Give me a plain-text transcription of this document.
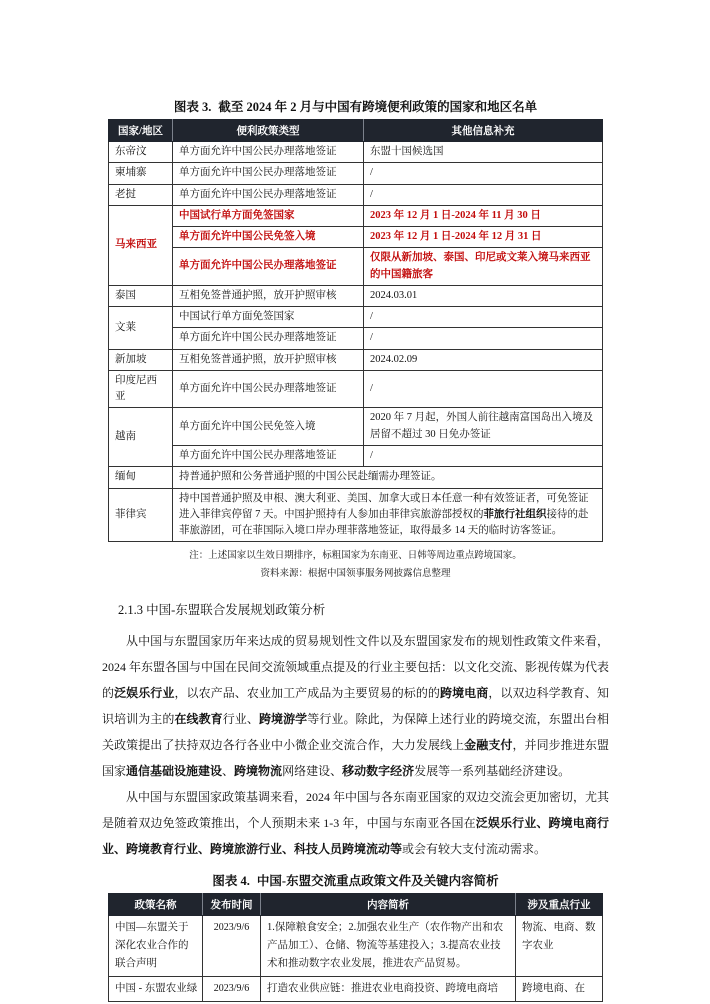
图表 3. 截至 2024 年 2 月与中国有跨境便利政策的国家和地区名单
国家/地区	便利政策类型	其他信息补充
东帝汶	单方面允许中国公民办理落地签证	东盟十国候选国
柬埔寨	单方面允许中国公民办理落地签证	/
老挝	单方面允许中国公民办理落地签证	/
马来西亚	中国试行单方面免签国家	2023 年 12 月 1 日-2024 年 11 月 30 日
	单方面允许中国公民免签入境	2023 年 12 月 1 日-2024 年 12 月 31 日
	单方面允许中国公民办理落地签证	仅限从新加坡、泰国、印尼或文莱入境马来西亚的中国籍旅客
泰国	互相免签普通护照，放开护照审核	2024.03.01
文莱	中国试行单方面免签国家	/
	单方面允许中国公民办理落地签证	/
新加坡	互相免签普通护照，放开护照审核	2024.02.09
印度尼西亚	单方面允许中国公民办理落地签证	/
越南	单方面允许中国公民免签入境	2020 年 7 月起，外国人前往越南富国岛出入境及居留不超过 30 日免办签证
	单方面允许中国公民办理落地签证	/
缅甸	持普通护照和公务普通护照的中国公民赴缅需办理签证。	
菲律宾	持中国普通护照及申根、澳大利亚、美国、加拿大或日本任意一种有效签证者，可免签证进入菲律宾停留 7 天。中国护照持有人参加由菲律宾旅游部授权的菲旅行社组织接待的赴菲旅游团，可在菲国际入境口岸办理菲落地签证，取得最多 14 天的临时访客签证。	
注：上述国家以生效日期排序，标粗国家为东南亚、日韩等周边重点跨境国家。
资料来源：根据中国领事服务网披露信息整理
2.1.3 中国-东盟联合发展规划政策分析

从中国与东盟国家历年来达成的贸易规划性文件以及东盟国家发布的规划性政策文件来看，2024 年东盟各国与中国在民间交流领域重点提及的行业主要包括：以文化交流、影视传媒为代表的泛娱乐行业，以农产品、农业加工产成品为主要贸易的标的的跨境电商，以双边科学教育、知识培训为主的在线教育行业、跨境游学等行业。除此，为保障上述行业的跨境交流，东盟出台相关政策提出了扶持双边各行各业中小微企业交流合作，大力发展线上金融支付，并同步推进东盟国家通信基础设施建设、跨境物流网络建设、移动数字经济发展等一系列基础经济建设。

从中国与东盟国家政策基调来看，2024 年中国与各东南亚国家的双边交流会更加密切，尤其是随着双边免签政策推出，个人预期未来 1-3 年，中国与东南亚各国在泛娱乐行业、跨境电商行业、跨境教育行业、跨境旅游行业、科技人员跨境流动等或会有较大支付流动需求。

图表 4. 中国-东盟交流重点政策文件及关键内容简析
政策名称	发布时间	内容简析	涉及重点行业
中国—东盟关于深化农业合作的联合声明	2023/9/6	1.保障粮食安全；2.加强农业生产（农作物产出和农产品加工）、仓储、物流等基建投入；3.提高农业技术和推动数字农业发展，推进农产品贸易。	物流、电商、数字农业
中国 - 东盟农业绿	2023/9/6	打造农业供应链：推进农业电商投资、跨境电商培	跨境电商、在
